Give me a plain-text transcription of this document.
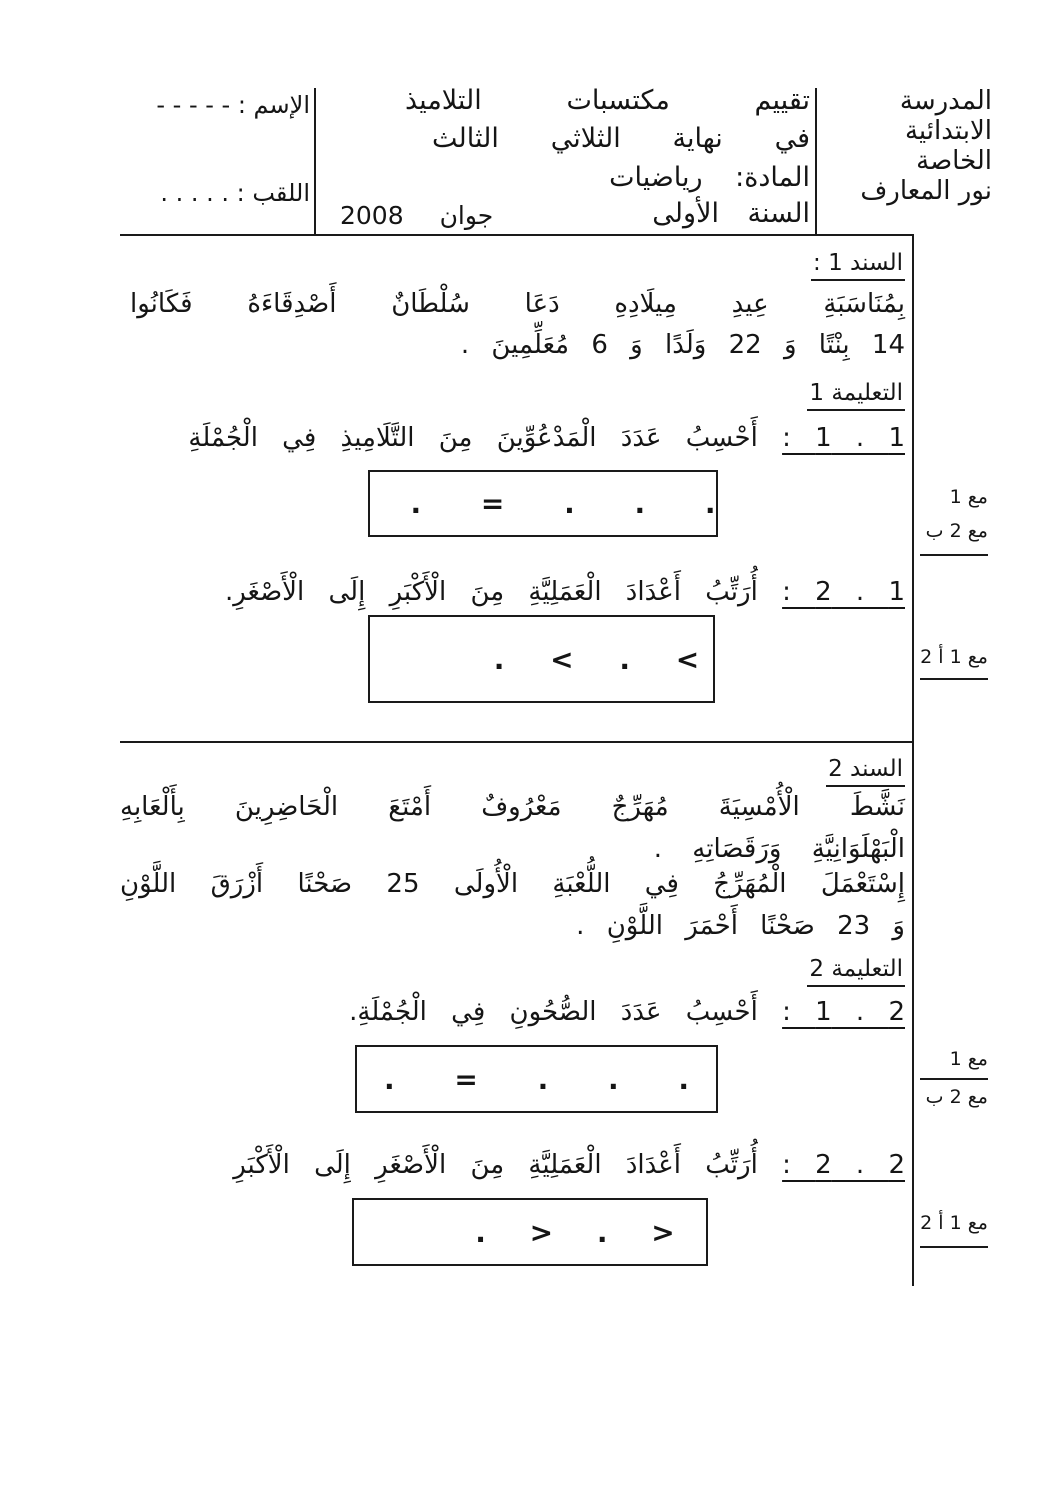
المدرسة
الابتدائية
الخاصة
نور المعارف
تقييم مكتسبات التلاميذ
في نهاية الثلاثي الثالث
المادة: رياضيات
السنة الأولى
جوان 2008
الإسم : - - - - -
اللقب : . . . . .
السند 1 :
بِمُنَاسَبَةِ عِيدِ مِيلَادِهِ دَعَا سُلْطَانٌ أَصْدِقَاءَهُ فَكَانُوا
14 بِنْتًا وَ 22 وَلَدًا وَ 6 مُعَلِّمِينَ .
التعليمة 1
1 . 1 : أَحْسِبُ عَدَدَ الْمَدْعُوِّينَ مِنَ التَّلَامِيذِ فِي الْجُمْلَةِ
. = . . .	مع 1
مع 2 ب
1 . 2 : أُرَتِّبُ أَعْدَادَ الْعَمَلِيَّةِ مِنَ الْأَكْبَرِ إِلَى الْأَصْغَرِ.
. < . <	مع 1 أ 2
السند 2
نَشَّطَ الْأُمْسِيَةَ مُهَرِّجٌ مَعْرُوفٌ أَمْتَعَ الْحَاضِرِينَ بِأَلْعَابِهِ
الْبَهْلَوَانِيَّةِ وَرَقَصَاتِهِ .
إِسْتَعْمَلَ الْمُهَرِّجُ فِي اللُّعْبَةِ الْأُولَى 25 صَحْنًا أَزْرَقَ اللَّوْنِ
وَ 23 صَحْنًا أَحْمَرَ اللَّوْنِ .
التعليمة 2
2 . 1 : أَحْسِبُ عَدَدَ الصُّحُونِ فِي الْجُمْلَةِ.
. = . . .
مع 1
مع 2 ب
2 . 2 : أُرَتِّبُ أَعْدَادَ الْعَمَلِيَّةِ مِنَ الْأَصْغَرِ إِلَى الْأَكْبَرِ
. > . >	مع 1 أ 2
